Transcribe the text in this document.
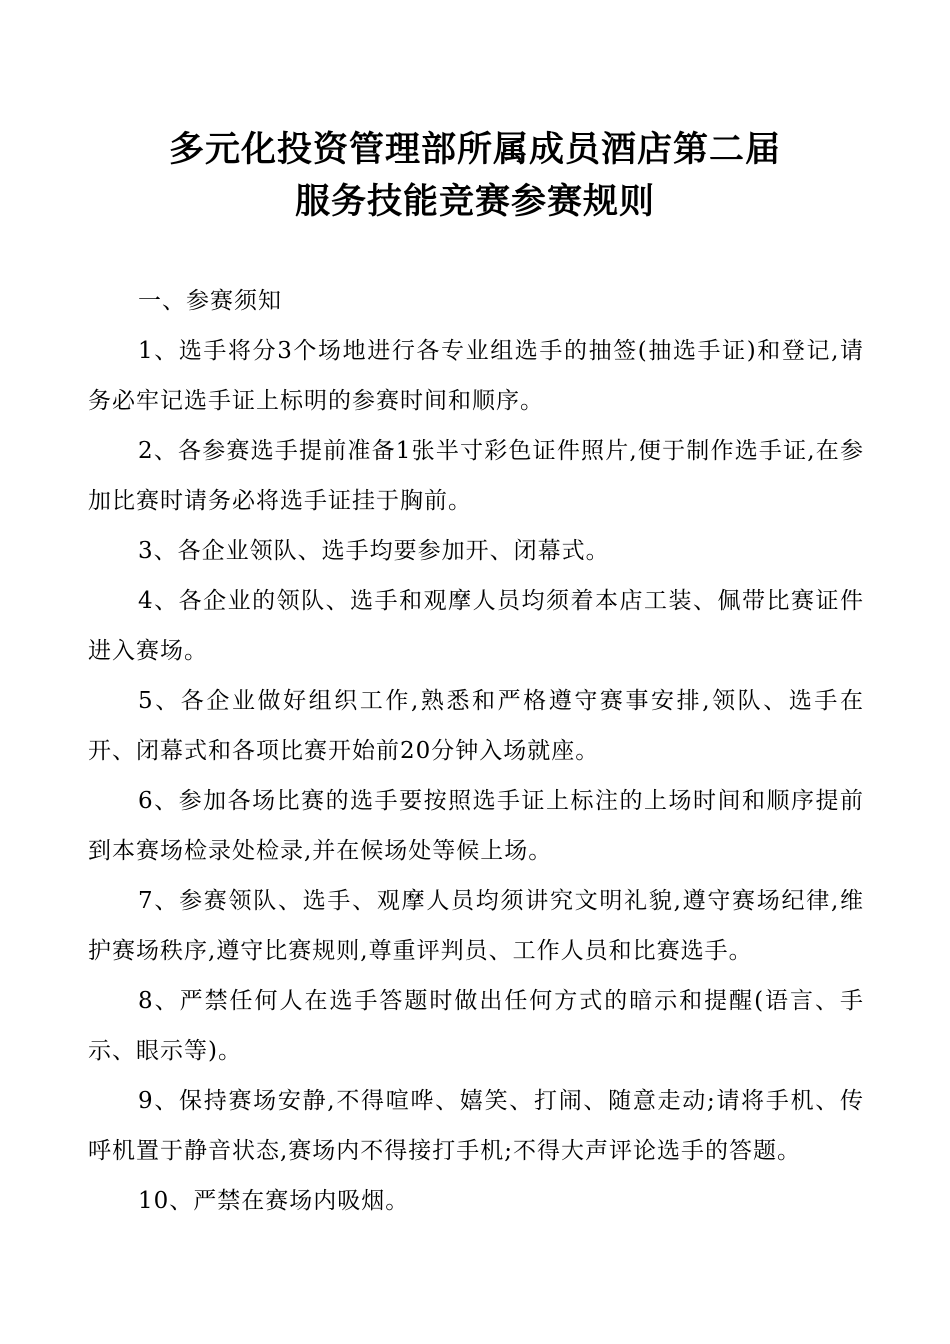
多元化投资管理部所属成员酒店第二届
服务技能竞赛参赛规则

一、参赛须知

1、选手将分3个场地进行各专业组选手的抽签(抽选手证)和登记,请务必牢记选手证上标明的参赛时间和顺序。

2、各参赛选手提前准备1张半寸彩色证件照片,便于制作选手证,在参加比赛时请务必将选手证挂于胸前。

3、各企业领队、选手均要参加开、闭幕式。

4、各企业的领队、选手和观摩人员均须着本店工装、佩带比赛证件进入赛场。

5、各企业做好组织工作,熟悉和严格遵守赛事安排,领队、选手在开、闭幕式和各项比赛开始前20分钟入场就座。

6、参加各场比赛的选手要按照选手证上标注的上场时间和顺序提前到本赛场检录处检录,并在候场处等候上场。

7、参赛领队、选手、观摩人员均须讲究文明礼貌,遵守赛场纪律,维护赛场秩序,遵守比赛规则,尊重评判员、工作人员和比赛选手。

8、严禁任何人在选手答题时做出任何方式的暗示和提醒(语言、手示、眼示等)。

9、保持赛场安静,不得喧哗、嬉笑、打闹、随意走动;请将手机、传呼机置于静音状态,赛场内不得接打手机;不得大声评论选手的答题。

10、严禁在赛场内吸烟。
